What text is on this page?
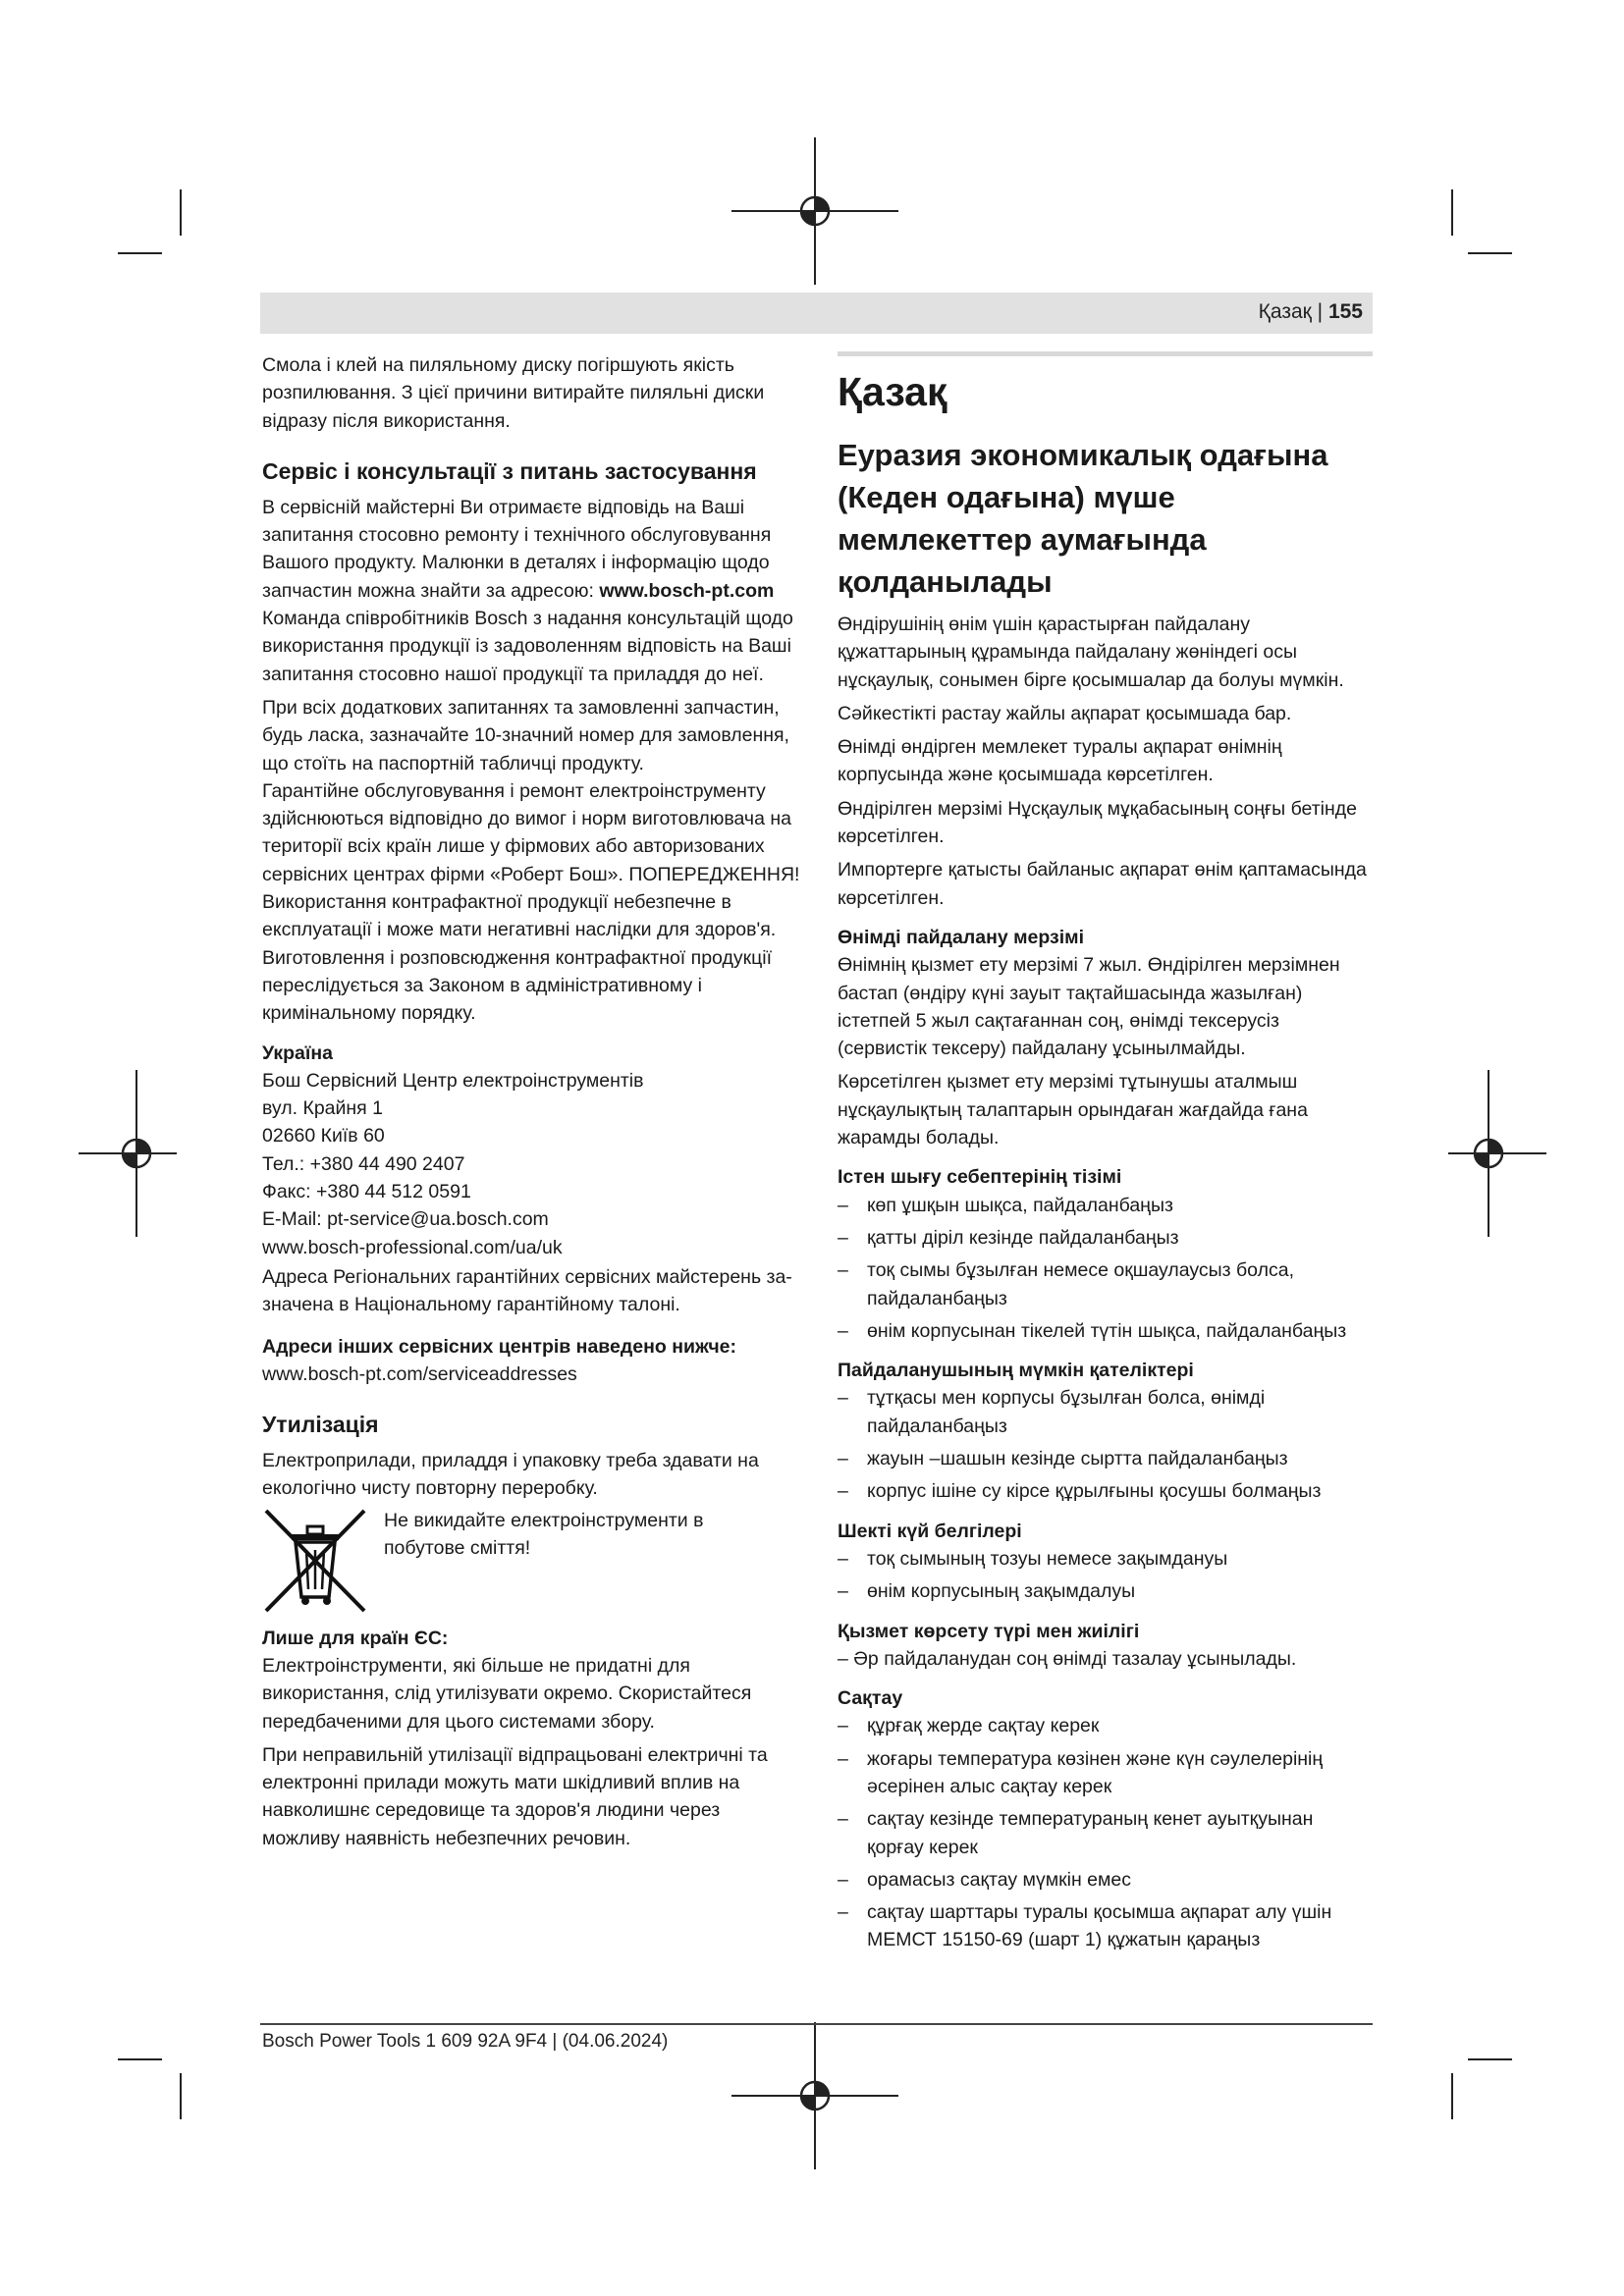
Қазақ | 155

Смола і клей на пиляльному диску погіршують якість розпилювання. З цієї причини витирайте пиляльні диски відразу після використання.

Сервіс і консультації з питань застосування

В сервісній майстерні Ви отримаєте відповідь на Ваші запитання стосовно ремонту і технічного обслуговування Вашого продукту. Малюнки в деталях і інформацію щодо запчастин можна знайти за адресою: www.bosch-pt.com

Команда співробітників Bosch з надання консультацій щодо використання продукції із задоволенням відповість на Ваші запитання стосовно нашої продукції та приладдя до неї.

При всіх додаткових запитаннях та замовленні запчастин, будь ласка, зазначайте 10-значний номер для замовлення, що стоїть на паспортній табличці продукту.

Гарантійне обслуговування і ремонт електроінструменту здійснюються відповідно до вимог і норм виготовлювача на території всіх країн лише у фірмових або авторизованих сервісних центрах фірми «Роберт Бош». ПОПЕРЕДЖЕННЯ! Використання контрафактної продукції небезпечне в експлуатації і може мати негативні наслідки для здоров'я. Виготовлення і розповсюдження контрафактної продукції переслідується за Законом в адміністративному і кримінальному порядку.

Україна

Бош Сервісний Центр електроінструментів

вул. Крайня 1

02660 Київ 60

Тел.: +380 44 490 2407

Факс: +380 44 512 0591

E-Mail: pt-service@ua.bosch.com

www.bosch-professional.com/ua/uk

Адреса Регіональних гарантійних сервісних майстерень за- значена в Національному гарантійному талоні.

Адреси інших сервісних центрів наведено нижче:

www.bosch-pt.com/serviceaddresses

Утилізація

Електроприлади, приладдя і упаковку треба здавати на екологічно чисту повторну переробку.

Не викидайте електроінструменти в побутове сміття!
Лише для країн ЄС:

Електроінструменти, які більше не придатні для використання, слід утилізувати окремо. Скористайтеся передбаченими для цього системами збору.

При неправильній утилізації відпрацьовані електричні та електронні прилади можуть мати шкідливий вплив на навколишнє середовище та здоров'я людини через можливу наявність небезпечних речовин.

Қазақ
Еуразия экономикалық одағына (Кеден одағына) мүше мемлекеттер аумағында қолданылады

Өндірушінің өнім үшін қарастырған пайдалану құжаттарының құрамында пайдалану жөніндегі осы нұсқаулық, сонымен бірге қосымшалар да болуы мүмкін.

Сәйкестікті растау жайлы ақпарат қосымшада бар.

Өнімді өндірген мемлекет туралы ақпарат өнімнің корпусында және қосымшада көрсетілген.

Өндірілген мерзімі Нұсқаулық мұқабасының соңғы бетінде көрсетілген.

Импортерге қатысты байланыс ақпарат өнім қаптамасында көрсетілген.

Өнімді пайдалану мерзімі

Өнімнің қызмет ету мерзімі 7 жыл. Өндірілген мерзімнен бастап (өндіру күні зауыт тақтайшасында жазылған) істетпей 5 жыл сақтағаннан соң, өнімді тексерусіз (сервистік тексеру) пайдалану ұсынылмайды.

Көрсетілген қызмет ету мерзімі тұтынушы аталмыш нұсқаулықтың талаптарын орындаған жағдайда ғана жарамды болады.

Істен шығу себептерінің тізімі
– көп ұшқын шықса, пайдаланбаңыз
– қатты діріл кезінде пайдаланбаңыз
– тоқ сымы бұзылған немесе оқшаулаусыз болса, пайдаланбаңыз
– өнім корпусынан тікелей түтін шықса, пайдаланбаңыз
Пайдаланушының мүмкін қателіктері
– тұтқасы мен корпусы бұзылған болса, өнімді пайдаланбаңыз
– жауын –шашын кезінде сыртта пайдаланбаңыз
– корпус ішіне су кірсе құрылғыны қосушы болмаңыз
Шекті күй белгілері
– тоқ сымының тозуы немесе зақымдануы
– өнім корпусының зақымдалуы
Қызмет көрсету түрі мен жиілігі

– Әр пайдаланудан соң өнімді тазалау ұсынылады.

Сақтау
– құрғақ жерде сақтау керек
– жоғары температура көзінен және күн сәулелерінің әсерінен алыс сақтау керек
– сақтау кезінде температураның кенет ауытқуынан қорғау керек
– орамасыз сақтау мүмкін емес
– сақтау шарттары туралы қосымша ақпарат алу үшін МЕМСТ 15150-69 (шарт 1) құжатын қараңыз
Bosch Power Tools 1 609 92A 9F4 | (04.06.2024)
